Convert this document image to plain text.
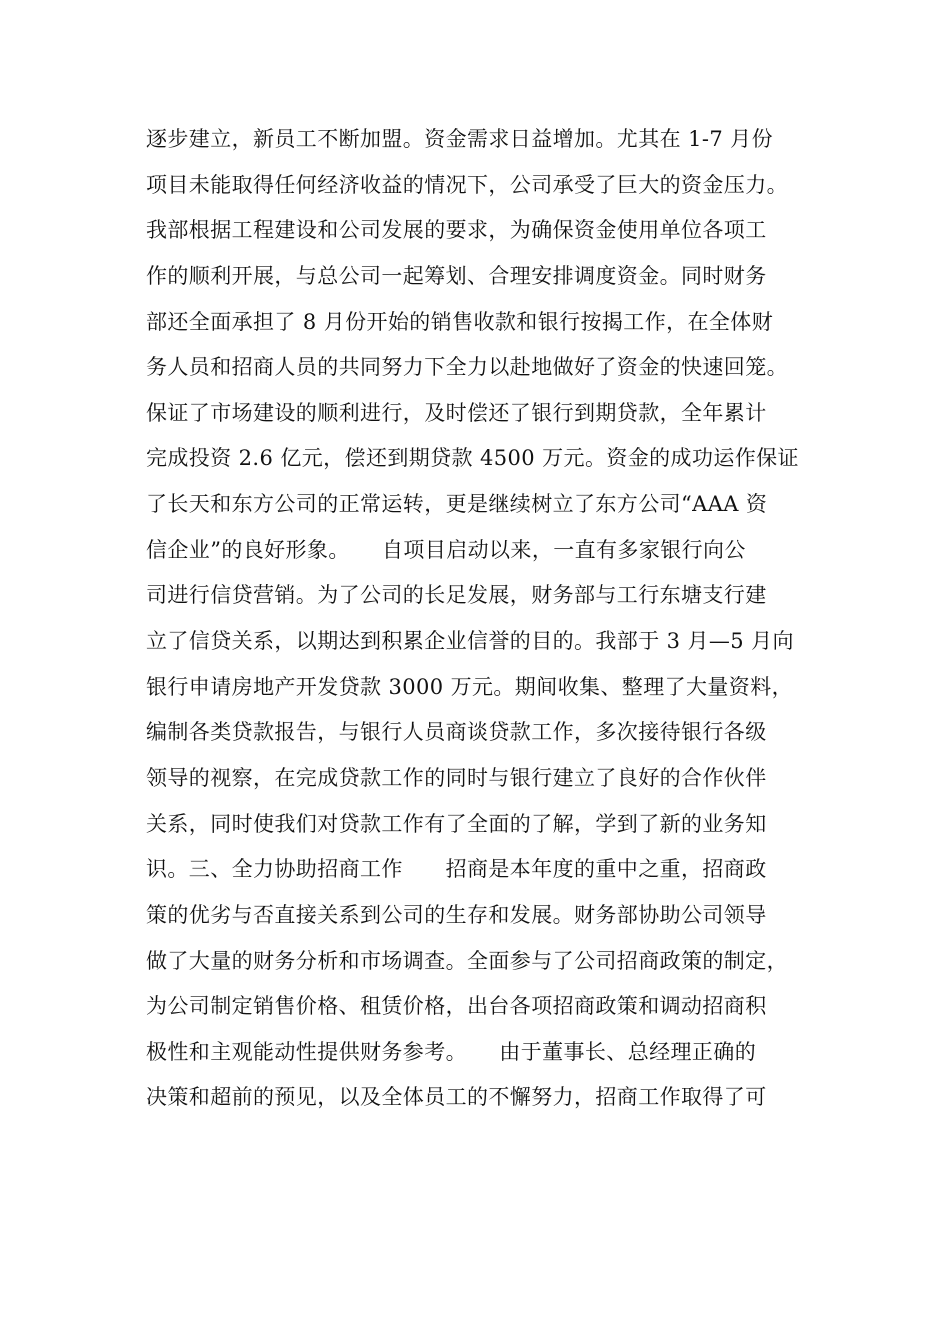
逐步建立，新员工不断加盟。资金需求日益增加。尤其在 1-7 月份
项目未能取得任何经济收益的情况下，公司承受了巨大的资金压力。
我部根据工程建设和公司发展的要求，为确保资金使用单位各项工
作的顺利开展，与总公司一起筹划、合理安排调度资金。同时财务
部还全面承担了 8 月份开始的销售收款和银行按揭工作，在全体财
务人员和招商人员的共同努力下全力以赴地做好了资金的快速回笼。
保证了市场建设的顺利进行，及时偿还了银行到期贷款，全年累计
完成投资 2.6 亿元，偿还到期贷款 4500 万元。资金的成功运作保证
了长天和东方公司的正常运转，更是继续树立了东方公司“AAA 资
信企业”的良好形象。　　自项目启动以来，一直有多家银行向公
司进行信贷营销。为了公司的长足发展，财务部与工行东塘支行建
立了信贷关系，以期达到积累企业信誉的目的。我部于 3 月—5 月向
银行申请房地产开发贷款 3000 万元。期间收集、整理了大量资料，
编制各类贷款报告，与银行人员商谈贷款工作，多次接待银行各级
领导的视察，在完成贷款工作的同时与银行建立了良好的合作伙伴
关系，同时使我们对贷款工作有了全面的了解，学到了新的业务知
识。三、全力协助招商工作　　招商是本年度的重中之重，招商政
策的优劣与否直接关系到公司的生存和发展。财务部协助公司领导
做了大量的财务分析和市场调查。全面参与了公司招商政策的制定，
为公司制定销售价格、租赁价格，出台各项招商政策和调动招商积
极性和主观能动性提供财务参考。　　由于董事长、总经理正确的
决策和超前的预见，以及全体员工的不懈努力，招商工作取得了可
